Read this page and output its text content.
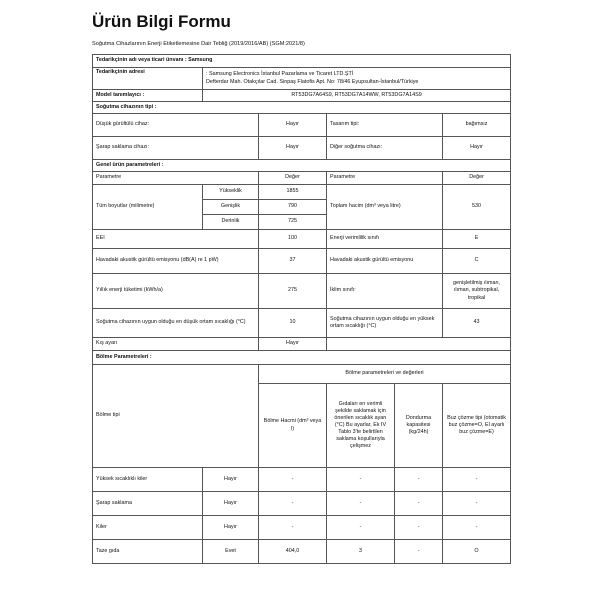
Ürün Bilgi Formu
Soğutma Cihazlarının Enerji Etiketlemesine Dair Tebliğ (2019/2016/AB) (SGM:2021/8)
Tedarikçinin adı veya ticari ünvanı : Samsung					
Tedarikçinin adresi	: Samsung Electronics İstanbul Pazarlama ve Ticaret LTD.ŞTİ
Defterdar Mah. Otakçılar Cad. Sinpaş Flatofis Apt. No: 78/46 Eyupsultan-İstanbul/Türkiye				

Model tanımlayıcı :	RT53DG7A64S9, RT53DG7A14WW, RT53DG7A14S9				
Soğutma cihazının tipi :					
Düşük gürültülü cihaz:		Hayır	Tasarım tipi:		bağımsız
Şarap saklama cihazı:		Hayır	Diğer soğutma cihazı:		Hayır
Genel ürün parametreleri :					
Parametre		Değer	Parametre		Değer
Tüm boyutlar (milimetre)	Yükseklik	1855	Toplam hacim (dm³ veya litre)		530
	Genişlik	790			
	Derinlik	725			
EEI		100	Enerji verimlilik sınıfı		E
Havadaki akustik gürültü emisyonu (dB(A) re 1 pW)		37	Havadaki akustik gürültü emisyonu		C
Yıllık enerji tüketimi (kWh/a)		275	İklim sınıfı:		genişletilmiş ılıman, ılıman, subtropikal, tropikal
Soğutma cihazının uygun olduğu en düşük ortam sıcaklığı (°C)		10	Soğutma cihazının uygun olduğu en yüksek ortam sıcaklığı (°C)		43
Kış ayarı		Hayır			
Bölme Parametreleri :					
Bölme tipi		Bölme parametreleri ve değerleri			
		Bölme Hacmi (dm³ veya l)	Gıdaları en verimli şekilde saklamak için önerilen sıcaklık ayarı (°C) Bu ayarlar, Ek IV Tablo 3'te belirtilen saklama koşullarıyla çelişmez	Dondurma kapasitesi (kg/24h)	Buz çözme tipi (otomatik buz çözme=O, El ayarlı buz çözme=E)
Yüksek sıcaklıklı kiler	Hayır	-	-	-	-
Şarap saklama	Hayır	-	-	-	-
Kiler	Hayır	-	-	-	-
Taze gıda	Evet	404,0	3	-	O
